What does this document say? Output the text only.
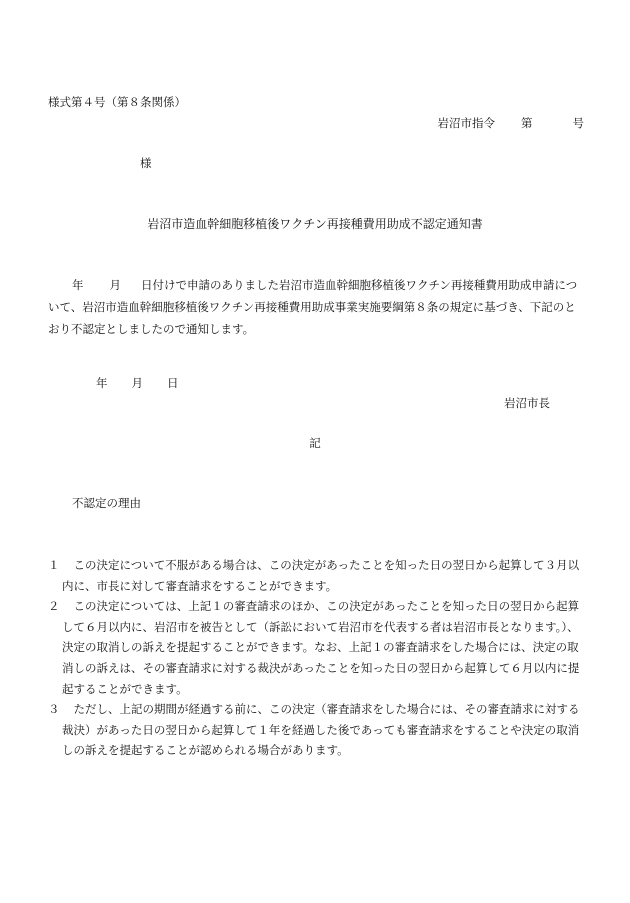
様式第４号（第８条関係）
岩沼市指令 第	号
様
岩沼市造血幹細胞移植後ワクチン再接種費用助成不認定通知書
年 月 日付けで申請のありました岩沼市造血幹細胞移植後ワクチン再接種費用助成申請について、岩沼市造血幹細胞移植後ワクチン再接種費用助成事業実施要綱第８条の規定に基づき、下記のとおり不認定としましたので通知します。
年 月 日
岩沼市長
記
不認定の理由

１	この決定について不服がある場合は、この決定があったことを知った日の翌日から起算して３月以内に、市長に対して審査請求をすることができます。

２	この決定については、上記１の審査請求のほか、この決定があったことを知った日の翌日から起算して６月以内に、岩沼市を被告として（訴訟において岩沼市を代表する者は岩沼市長となります。）、決定の取消しの訴えを提起することができます。なお、上記１の審査請求をした場合には、決定の取消しの訴えは、その審査請求に対する裁決があったことを知った日の翌日から起算して６月以内に提起することができます。

３	ただし、上記の期間が経過する前に、この決定（審査請求をした場合には、その審査請求に対する裁決）があった日の翌日から起算して１年を経過した後であっても審査請求をすることや決定の取消しの訴えを提起することが認められる場合があります。
